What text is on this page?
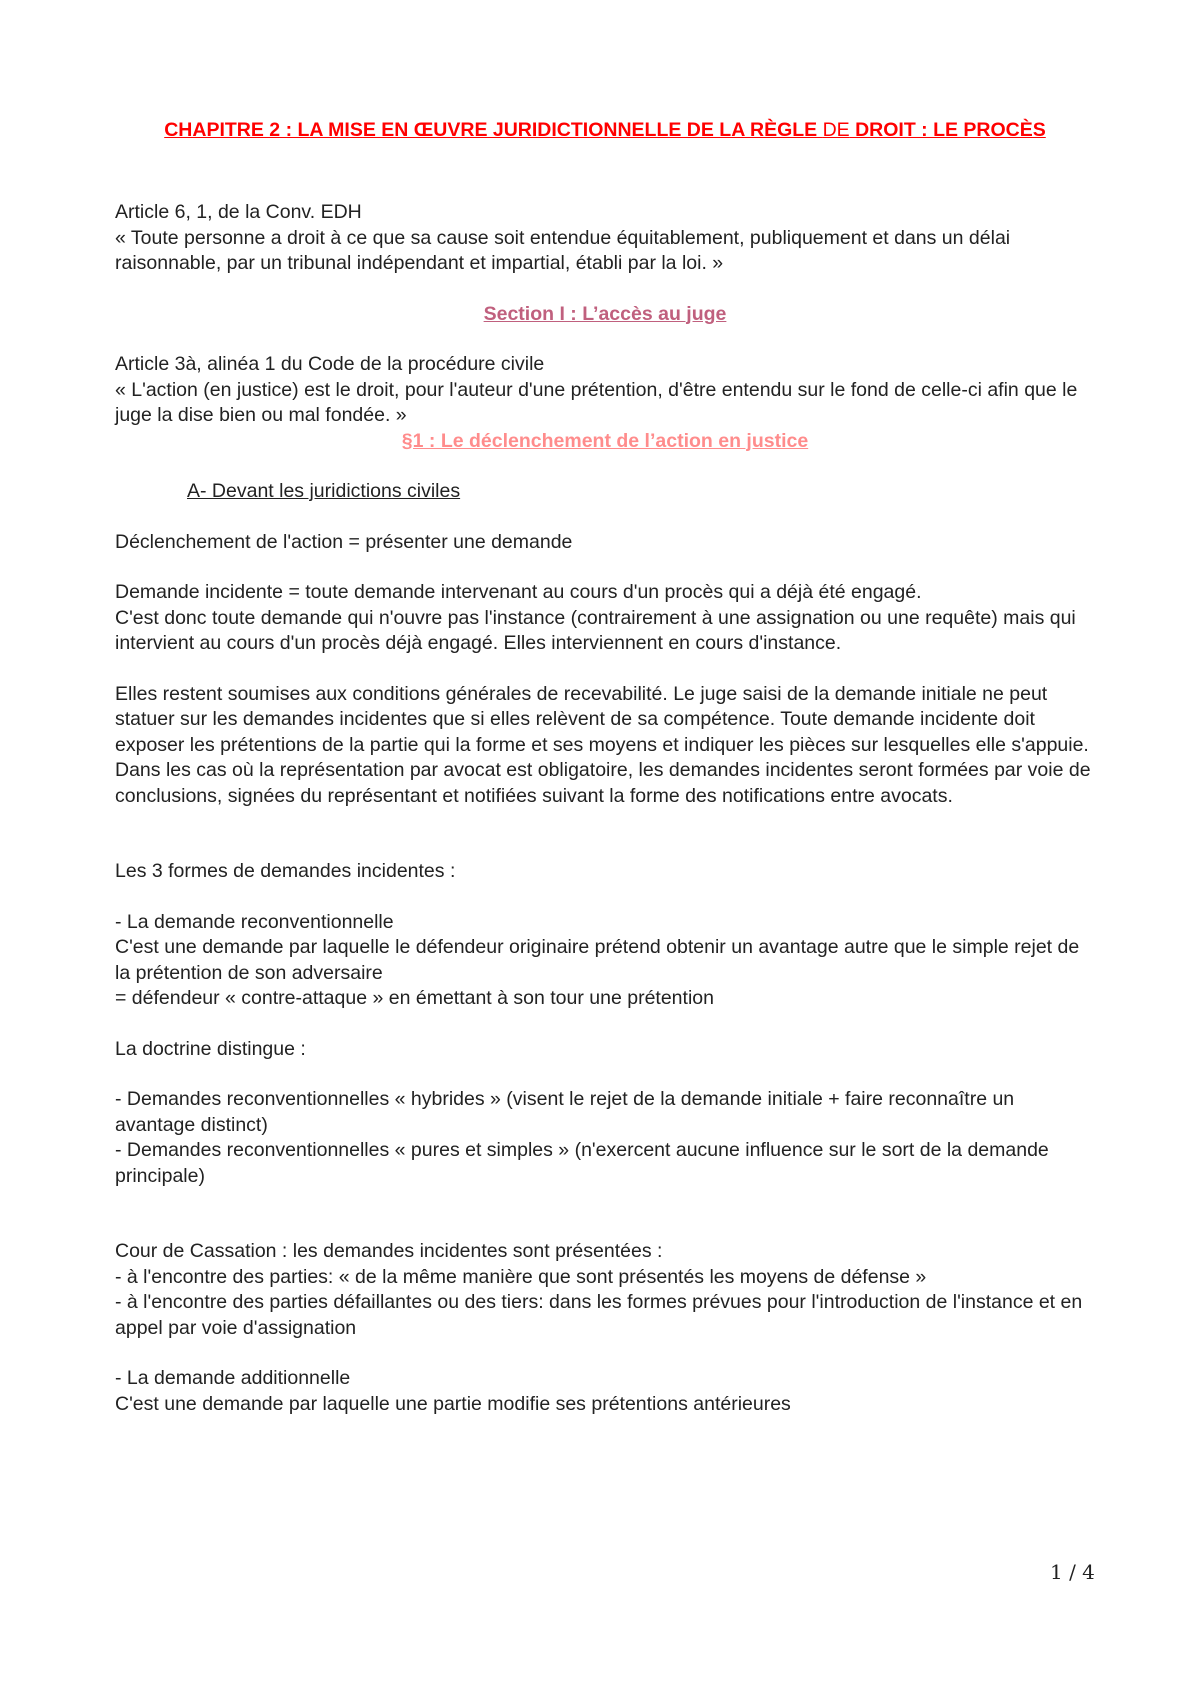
CHAPITRE 2 : LA MISE EN ŒUVRE JURIDICTIONNELLE DE LA RÈGLE DE DROIT : LE PROCÈS

Article 6, 1, de la Conv. EDH

« Toute personne a droit à ce que sa cause soit entendue équitablement, publiquement et dans un délai raisonnable, par un tribunal indépendant et impartial, établi par la loi. »

Section I : L’accès au juge

Article 3à, alinéa 1 du Code de la procédure civile

« L'action (en justice) est le droit, pour l'auteur d'une prétention, d'être entendu sur le fond de celle-ci afin que le juge la dise bien ou mal fondée. »

§1 : Le déclenchement de l’action en justice

A- Devant les juridictions civiles

Déclenchement de l'action = présenter une demande

Demande incidente = toute demande intervenant au cours d'un procès qui a déjà été engagé.

C'est donc toute demande qui n'ouvre pas l'instance (contrairement à une assignation ou une requête) mais qui intervient au cours d'un procès déjà engagé. Elles interviennent en cours d'instance.

Elles restent soumises aux conditions générales de recevabilité. Le juge saisi de la demande initiale ne peut statuer sur les demandes incidentes que si elles relèvent de sa compétence. Toute demande incidente doit exposer les prétentions de la partie qui la forme et ses moyens et indiquer les pièces sur lesquelles elle s'appuie. Dans les cas où la représentation par avocat est obligatoire, les demandes incidentes seront formées par voie de conclusions, signées du représentant et notifiées suivant la forme des notifications entre avocats.

Les 3 formes de demandes incidentes :

- La demande reconventionnelle

C'est une demande par laquelle le défendeur originaire prétend obtenir un avantage autre que le simple rejet de la prétention de son adversaire

= défendeur « contre-attaque » en émettant à son tour une prétention

La doctrine distingue :

- Demandes reconventionnelles « hybrides » (visent le rejet de la demande initiale + faire reconnaître un avantage distinct)

- Demandes reconventionnelles « pures et simples » (n'exercent aucune influence sur le sort de la demande principale)

Cour de Cassation : les demandes incidentes sont présentées :

- à l'encontre des parties: « de la même manière que sont présentés les moyens de défense »

- à l'encontre des parties défaillantes ou des tiers: dans les formes prévues pour l'introduction de l'instance et en appel par voie d'assignation

- La demande additionnelle

C'est une demande par laquelle une partie modifie ses prétentions antérieures

1 / 4
